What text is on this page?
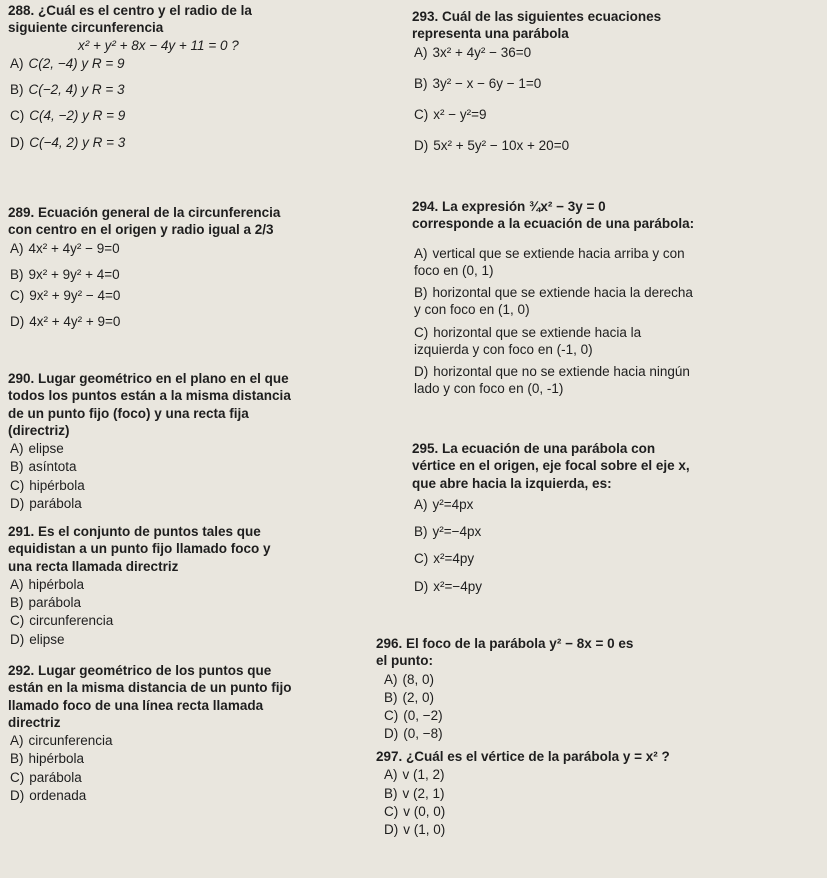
288. ¿Cuál es el centro y el radio de la
siguiente circunferencia
x² + y² + 8x − 4y + 11 = 0 ?
A) C(2, −4) y R = 9
B) C(−2, 4) y R = 3
C) C(4, −2) y R = 9
D) C(−4, 2) y R = 3
289. Ecuación general de la circunferencia
con centro en el origen y radio igual a 2/3
A) 4x² + 4y² − 9=0
B) 9x² + 9y² + 4=0
C) 9x² + 9y² − 4=0
D) 4x² + 4y² + 9=0
290. Lugar geométrico en el plano en el que
todos los puntos están a la misma distancia
de un punto fijo (foco) y una recta fija
(directriz)
A) elipse
B) asíntota
C) hipérbola
D) parábola
291. Es el conjunto de puntos tales que
equidistan a un punto fijo llamado foco y
una recta llamada directriz
A) hipérbola
B) parábola
C) circunferencia
D) elipse
292. Lugar geométrico de los puntos que
están en la misma distancia de un punto fijo
llamado foco de una línea recta llamada
directriz
A) circunferencia
B) hipérbola
C) parábola
D) ordenada
293. Cuál de las siguientes ecuaciones
representa una parábola
A) 3x² + 4y² − 36=0
B) 3y² − x − 6y − 1=0
C) x² − y²=9
D) 5x² + 5y² − 10x + 20=0
294. La expresión ¾x² − 3y = 0
corresponde a la ecuación de una parábola:
A) vertical que se extiende hacia arriba y con
foco en (0, 1)
B) horizontal que se extiende hacia la derecha
y con foco en (1, 0)
C) horizontal que se extiende hacia la
izquierda y con foco en (-1, 0)
D) horizontal que no se extiende hacia ningún
lado y con foco en (0, -1)
295. La ecuación de una parábola con
vértice en el origen, eje focal sobre el eje x,
que abre hacia la izquierda, es:
A) y²=4px
B) y²=−4px
C) x²=4py
D) x²=−4py
296. El foco de la parábola y² − 8x = 0 es
el punto:
A) (8, 0)
B) (2, 0)
C) (0, −2)
D) (0, −8)
297. ¿Cuál es el vértice de la parábola y = x² ?
A) v (1, 2)
B) v (2, 1)
C) v (0, 0)
D) v (1, 0)
